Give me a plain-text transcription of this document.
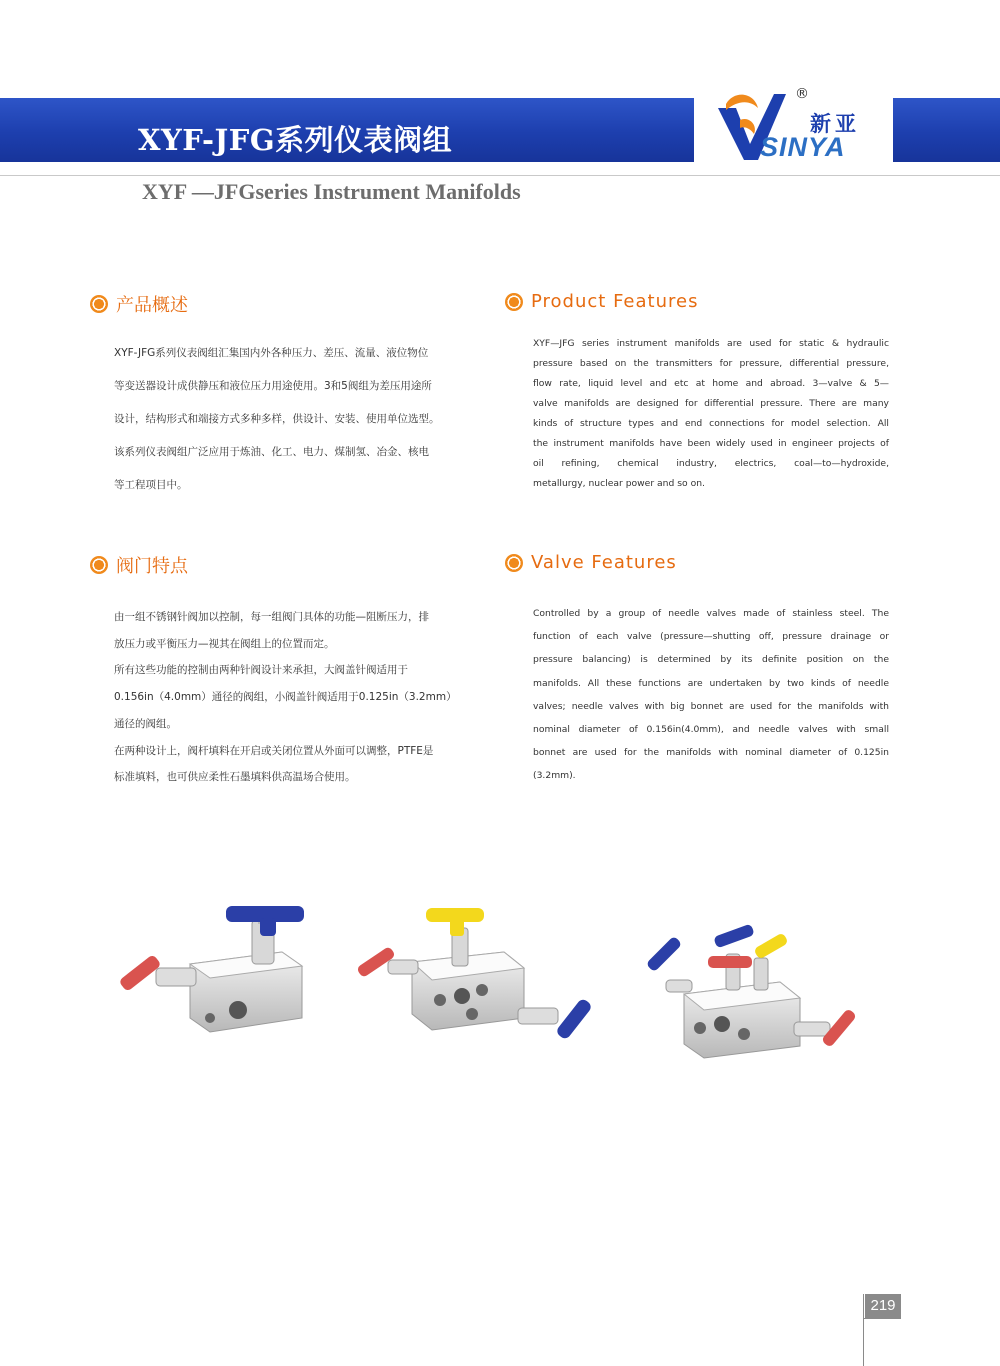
XYF-JFG系列仪表阀组
XYF —JFGseries Instrument Manifolds
®
新亚
SINYA
产品概述

XYF-JFG系列仪表阀组汇集国内外各种压力、差压、流量、液位物位

等变送器设计成供静压和液位压力用途使用。3和5阀组为差压用途所

设计，结构形式和端接方式多种多样，供设计、安装、使用单位选型。

该系列仪表阀组广泛应用于炼油、化工、电力、煤制氢、冶金、核电

等工程项目中。

Product Features

XYF—JFG series instrument manifolds are used for static & hydraulic

pressure based on the transmitters for pressure, differential pressure,

flow rate, liquid level and etc at home and abroad. 3—valve & 5—

valve manifolds are designed for differential pressure. There are many

kinds of structure types and end connections for model selection. All

the instrument manifolds have been widely used in engineer projects of

oil refining, chemical industry, electrics, coal—to—hydroxide,

metallurgy, nuclear power and so on.

阀门特点

由一组不锈钢针阀加以控制，每一组阀门具体的功能—阻断压力，排

放压力或平衡压力—视其在阀组上的位置而定。

所有这些功能的控制由两种针阀设计来承担，大阀盖针阀适用于

0.156in（4.0mm）通径的阀组，小阀盖针阀适用于0.125in（3.2mm）

通径的阀组。

在两种设计上，阀杆填料在开启或关闭位置从外面可以调整，PTFE是

标准填料，也可供应柔性石墨填料供高温场合使用。

Valve Features

Controlled by a group of needle valves made of stainless steel. The

function of each valve (pressure—shutting off, pressure drainage or

pressure balancing) is determined by its definite position on the

manifolds. All these functions are undertaken by two kinds of needle

valves; needle valves with big bonnet are used for the manifolds with

nominal diameter of 0.156in(4.0mm), and needle valves with small

bonnet are used for the manifolds with nominal diameter of 0.125in

(3.2mm).

219
